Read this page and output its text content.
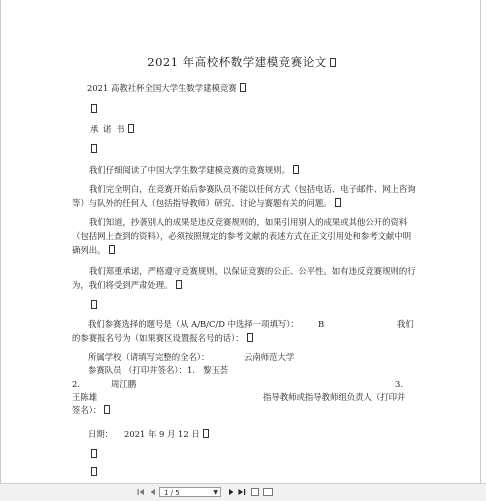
2021 年高校杯数学建模竞赛论文
2021 高教社杯全国大学生数学建模竞赛
承 诺 书
我们仔细阅读了中国大学生数学建模竞赛的竞赛规则。
我们完全明白，在竞赛开始后参赛队员不能以任何方式（包括电话、电子邮件、网上咨询等）与队外的任何人（包括指导教师）研究、讨论与赛题有关的问题。
我们知道，抄袭别人的成果是违反竞赛规则的，如果引用别人的成果或其他公开的资料（包括网上查到的资料），必须按照规定的参考文献的表述方式在正文引用处和参考文献中明确列出。
我们郑重承诺，严格遵守竞赛规则，以保证竞赛的公正、公平性。如有违反竞赛规则的行为，我们将受到严肃处理。
我们参赛选择的题号是（从 A/B/C/D 中选择一项填写）： B	我们
的参赛报名号为（如果赛区设置报名号的话）：
所属学校（请填写完整的全名）：	云南师范大学
参赛队员 （打印并签名）：1. 黎玉荟
2.	周江鹏	3.
王陈雄	指导教师或指导教师组负责人（打印并
签名）：
日期： 2021 年 9 月 12 日
1 / 5	▼
